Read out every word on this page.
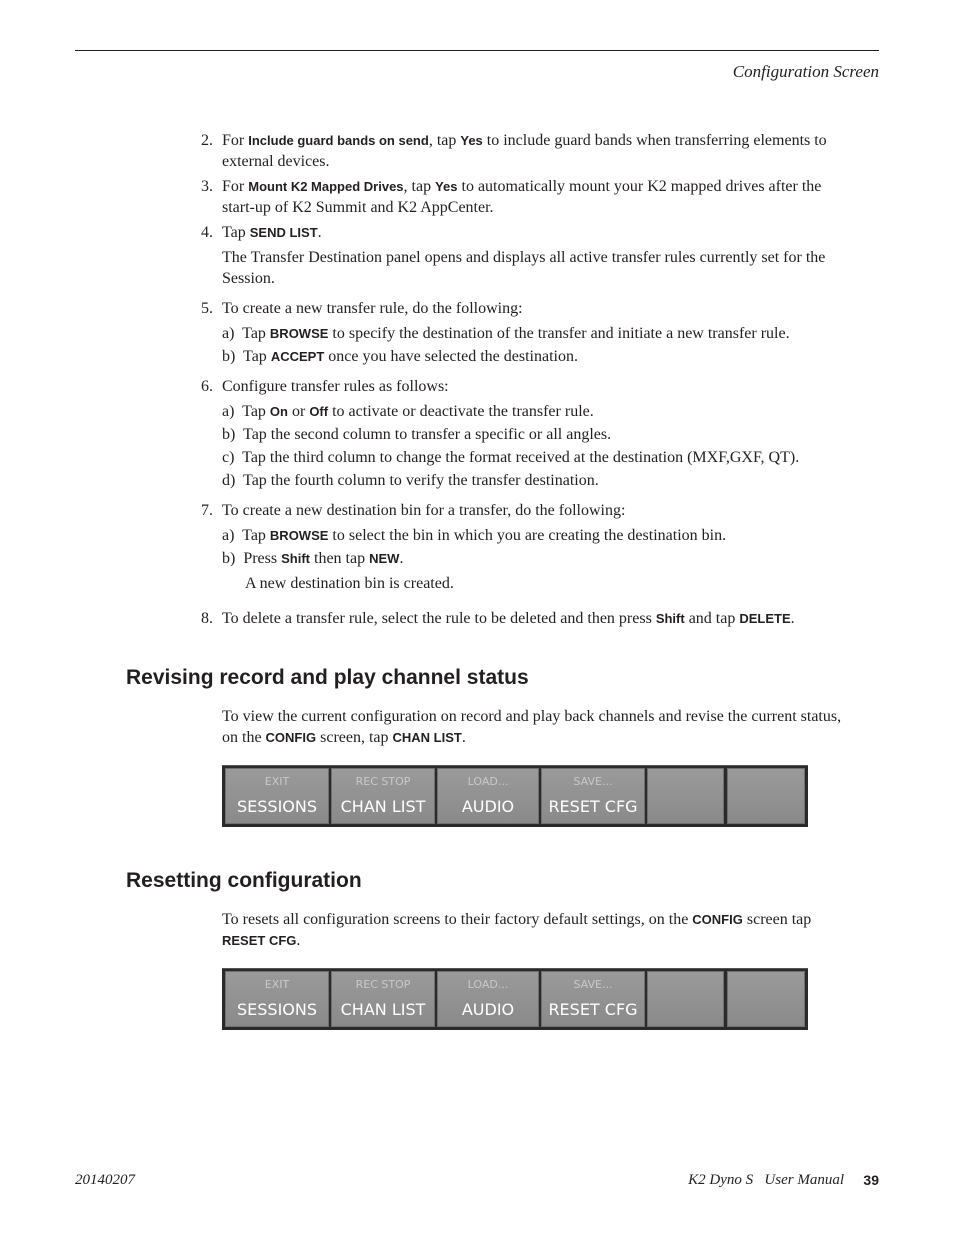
Configuration Screen
2. For Include guard bands on send, tap Yes to include guard bands when transferring elements to
external devices.
3. For Mount K2 Mapped Drives, tap Yes to automatically mount your K2 mapped drives after the
start-up of K2 Summit and K2 AppCenter.
4. Tap SEND LIST.
The Transfer Destination panel opens and displays all active transfer rules currently set for the
Session.
5. To create a new transfer rule, do the following:
a) Tap BROWSE to specify the destination of the transfer and initiate a new transfer rule.
b) Tap ACCEPT once you have selected the destination.
6. Configure transfer rules as follows:
a) Tap On or Off to activate or deactivate the transfer rule.
b) Tap the second column to transfer a specific or all angles.
c) Tap the third column to change the format received at the destination (MXF,GXF, QT).
d) Tap the fourth column to verify the transfer destination.
7. To create a new destination bin for a transfer, do the following:
a) Tap BROWSE to select the bin in which you are creating the destination bin.
b) Press Shift then tap NEW.
A new destination bin is created.
8. To delete a transfer rule, select the rule to be deleted and then press Shift and tap DELETE.
Revising record and play channel status
To view the current configuration on record and play back channels and revise the current status,
on the CONFIG screen, tap CHAN LIST.
EXIT
SESSIONS
REC STOP
CHAN LIST
LOAD...
AUDIO
SAVE...
RESET CFG
Resetting configuration
To resets all configuration screens to their factory default settings, on the CONFIG screen tap
RESET CFG.
EXIT
SESSIONS
REC STOP
CHAN LIST
LOAD...
AUDIO
SAVE...
RESET CFG
20140207	K2 Dyno S   User Manual 39
